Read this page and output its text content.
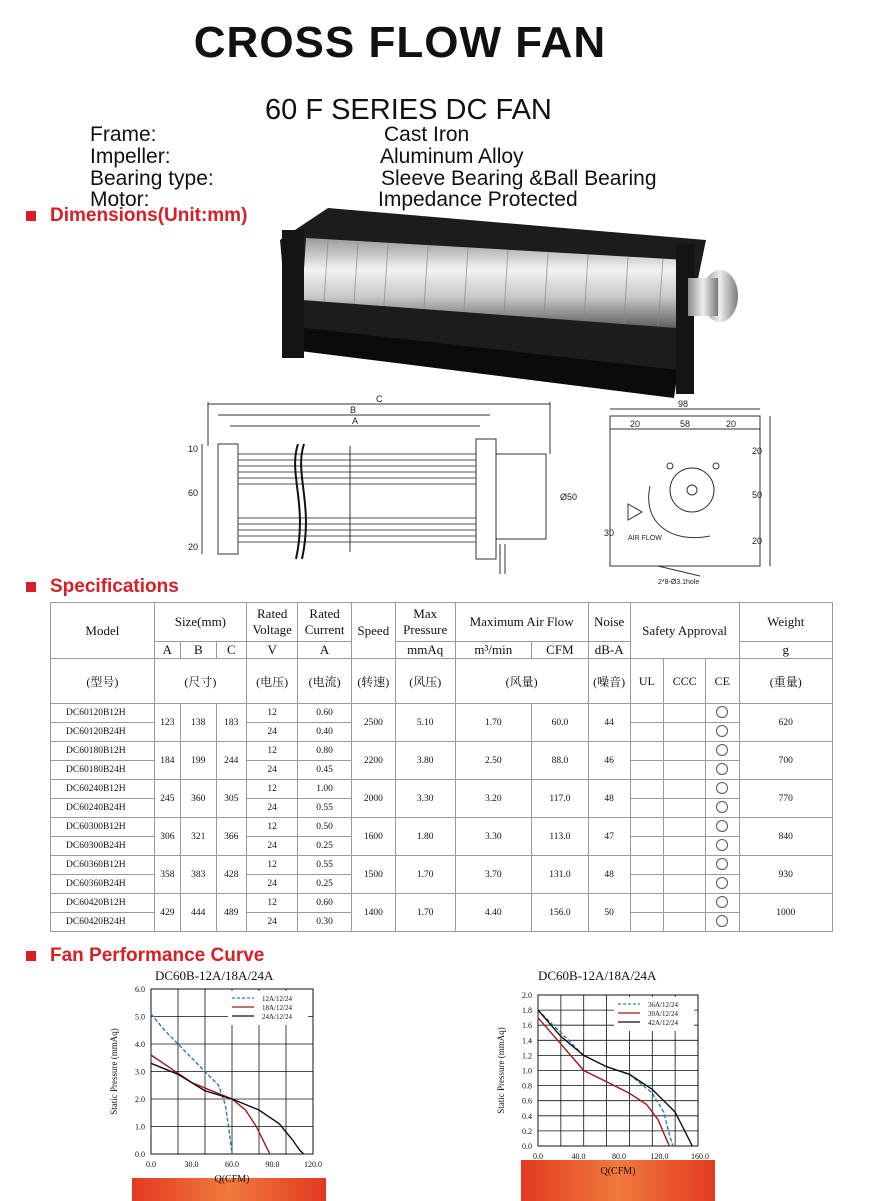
CROSS FLOW FAN
60 F SERIES DC FAN
Frame:	Cast Iron
Impeller:	Aluminum Alloy
Bearing type:	Sleeve Bearing &Ball Bearing
Motor:	Impedance Protected
Dimensions(Unit:mm)
C
B
A
10
60
20
Ø50
98
20	58	20
20
50
20
30
AIR FLOW
2*8-Ø3.1hole
Specifications
Model	Size(mm)			Rated Voltage	Rated Current	Speed	Max Pressure	Maximum Air Flow		Noise	Safety Approval			Weight
	A	B	C	V	A		mmAq	m³/min	CFM	dB-A				g
(型号)	(尺寸)			(电压)	(电流)	(转速)	(风压)	(风量)		(噪音)	UL	CCC	CE	(重量)
DC60120B12H	123	138	183	12	0.60	2500	5.10	1.70	60.0	44				620
DC60120B24H				24	0.40									
DC60180B12H	184	199	244	12	0.80	2200	3.80	2.50	88.0	46				700
DC60180B24H				24	0.45									
DC60240B12H	245	360	305	12	1.00	2000	3.30	3.20	117.0	48				770
DC60240B24H				24	0.55									
DC60300B12H	306	321	366	12	0.50	1600	1.80	3.30	113.0	47				840
DC60300B24H				24	0.25									
DC60360B12H	358	383	428	12	0.55	1500	1.70	3.70	131.0	48				930
DC60360B24H				24	0.25									
DC60420B12H	429	444	489	12	0.60	1400	1.70	4.40	156.0	50				1000
DC60420B24H				24	0.30									
Fan Performance Curve
DC60B-12A/18A/24A	DC60B-12A/18A/24A
0.0
1.0
2.0
3.0
4.0
5.0
6.0
0.0	30.0	60.0	90.0	120.0
Q(CFM)
Static Pressure (mmAq)
12A/12/24
18A/12/24
24A/12/24
0.0
0.2
0.4
0.6
0.8
1.0
1.2
1.4
1.6
1.8
2.0
0.0	40.0	80.0	120.0	160.0
Q(CFM)
Static Pressure (mmAq)
36A/12/24
30A/12/24
42A/12/24
